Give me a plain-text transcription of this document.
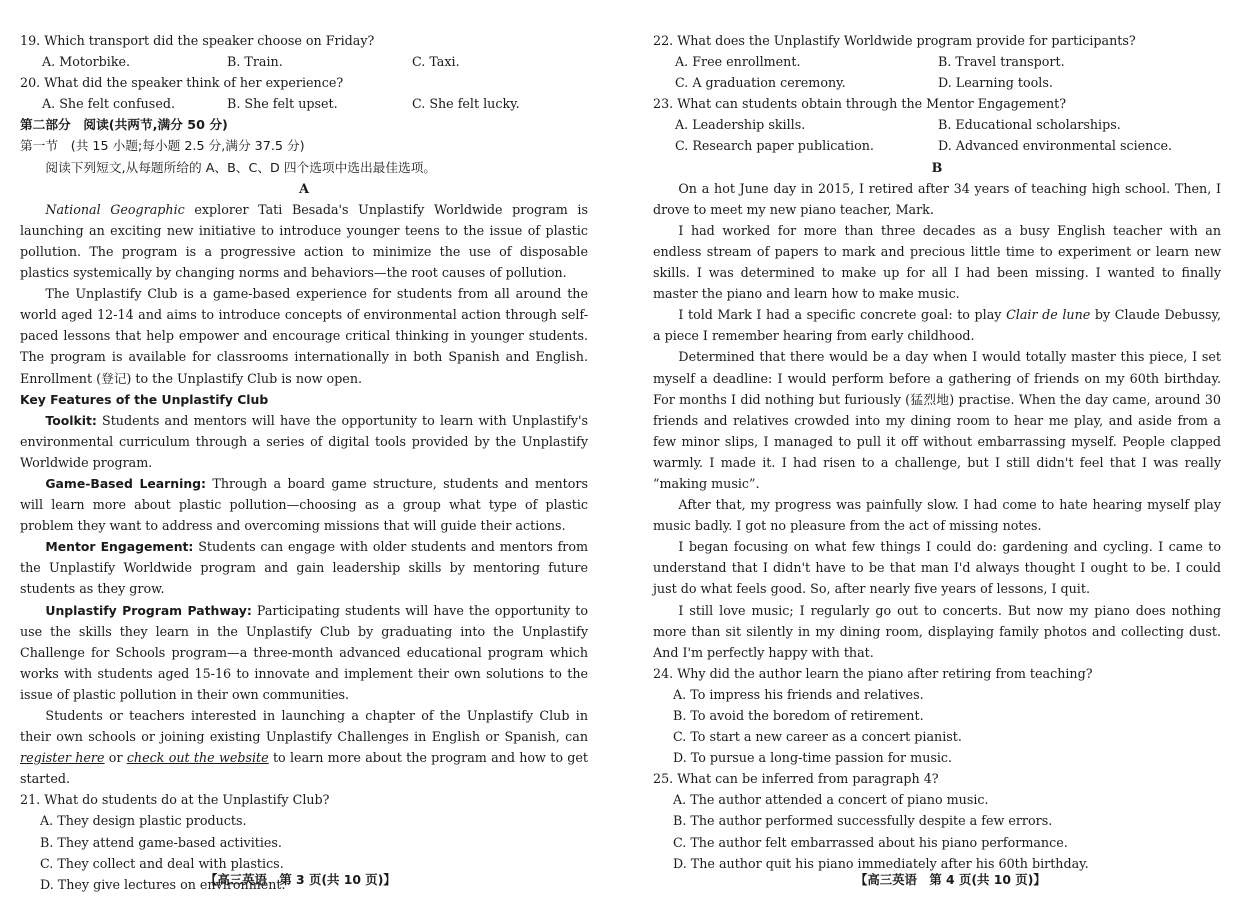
19. Which transport did the speaker choose on Friday?
A. Motorbike.	B. Train.	C. Taxi.
20. What did the speaker think of her experience?
A. She felt confused.	B. She felt upset.	C. She felt lucky.
第二部分　阅读(共两节,满分 50 分)
第一节　(共 15 小题;每小题 2.5 分,满分 37.5 分)
阅读下列短文,从每题所给的 A、B、C、D 四个选项中选出最佳选项。
A
National Geographic explorer Tati Besada's Unplastify Worldwide program is launching an exciting new initiative to introduce younger teens to the issue of plastic pollution. The program is a progressive action to minimize the use of disposable plastics systemically by changing norms and behaviors—the root causes of pollution.
The Unplastify Club is a game-based experience for students from all around the world aged 12-14 and aims to introduce concepts of environmental action through self-paced lessons that help empower and encourage critical thinking in younger students. The program is available for classrooms internationally in both Spanish and English. Enrollment (登记) to the Unplastify Club is now open.
Key Features of the Unplastify Club
Toolkit: Students and mentors will have the opportunity to learn with Unplastify's environmental curriculum through a series of digital tools provided by the Unplastify Worldwide program.
Game-Based Learning: Through a board game structure, students and mentors will learn more about plastic pollution—choosing as a group what type of plastic problem they want to address and overcoming missions that will guide their actions.
Mentor Engagement: Students can engage with older students and mentors from the Unplastify Worldwide program and gain leadership skills by mentoring future students as they grow.
Unplastify Program Pathway: Participating students will have the opportunity to use the skills they learn in the Unplastify Club by graduating into the Unplastify Challenge for Schools program—a three-month advanced educational program which works with students aged 15-16 to innovate and implement their own solutions to the issue of plastic pollution in their own communities.
Students or teachers interested in launching a chapter of the Unplastify Club in their own schools or joining existing Unplastify Challenges in English or Spanish, can register here or check out the website to learn more about the program and how to get started.
21. What do students do at the Unplastify Club?
A. They design plastic products.
B. They attend game-based activities.
C. They collect and deal with plastics.
D. They give lectures on environment.
22. What does the Unplastify Worldwide program provide for participants?
A. Free enrollment.	B. Travel transport.
C. A graduation ceremony.	D. Learning tools.
23. What can students obtain through the Mentor Engagement?
A. Leadership skills.	B. Educational scholarships.
C. Research paper publication.	D. Advanced environmental science.
B
On a hot June day in 2015, I retired after 34 years of teaching high school. Then, I drove to meet my new piano teacher, Mark.
I had worked for more than three decades as a busy English teacher with an endless stream of papers to mark and precious little time to experiment or learn new skills. I was determined to make up for all I had been missing. I wanted to finally master the piano and learn how to make music.
I told Mark I had a specific concrete goal: to play Clair de lune by Claude Debussy, a piece I remember hearing from early childhood.
Determined that there would be a day when I would totally master this piece, I set myself a deadline: I would perform before a gathering of friends on my 60th birthday. For months I did nothing but furiously (猛烈地) practise. When the day came, around 30 friends and relatives crowded into my dining room to hear me play, and aside from a few minor slips, I managed to pull it off without embarrassing myself. People clapped warmly. I made it. I had risen to a challenge, but I still didn't feel that I was really “making music”.
After that, my progress was painfully slow. I had come to hate hearing myself play music badly. I got no pleasure from the act of missing notes.
I began focusing on what few things I could do: gardening and cycling. I came to understand that I didn't have to be that man I'd always thought I ought to be. I could just do what feels good. So, after nearly five years of lessons, I quit.
I still love music; I regularly go out to concerts. But now my piano does nothing more than sit silently in my dining room, displaying family photos and collecting dust. And I'm perfectly happy with that.
24. Why did the author learn the piano after retiring from teaching?
A. To impress his friends and relatives.
B. To avoid the boredom of retirement.
C. To start a new career as a concert pianist.
D. To pursue a long-time passion for music.
25. What can be inferred from paragraph 4?
A. The author attended a concert of piano music.
B. The author performed successfully despite a few errors.
C. The author felt embarrassed about his piano performance.
D. The author quit his piano immediately after his 60th birthday.
【高三英语　第 3 页(共 10 页)】	【高三英语　第 4 页(共 10 页)】
